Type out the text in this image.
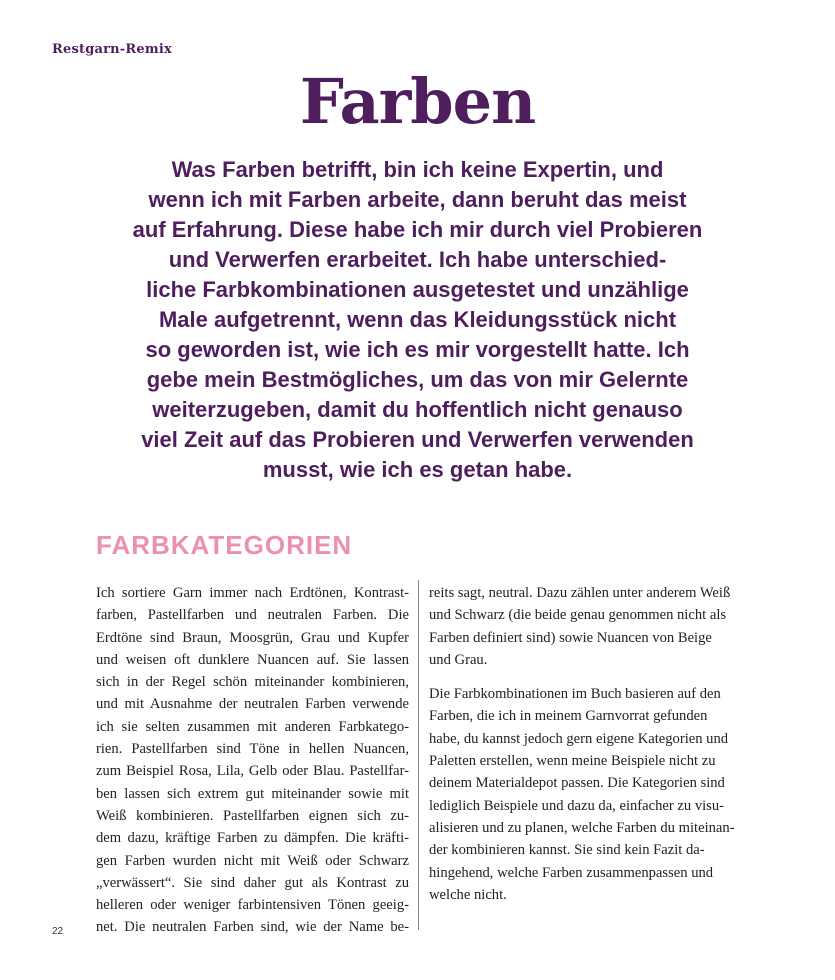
Restgarn-Remix
Farben
Was Farben betrifft, bin ich keine Expertin, und
wenn ich mit Farben arbeite, dann beruht das meist
auf Erfahrung. Diese habe ich mir durch viel Probieren
und Verwerfen erarbeitet. Ich habe unterschied-
liche Farbkombinationen ausgetestet und unzählige
Male aufgetrennt, wenn das Kleidungsstück nicht
so geworden ist, wie ich es mir vorgestellt hatte. Ich
gebe mein Bestmögliches, um das von mir Gelernte
weiterzugeben, damit du hoffentlich nicht genauso
viel Zeit auf das Probieren und Verwerfen verwenden
musst, wie ich es getan habe.
FARBKATEGORIEN
Ich sortiere Garn immer nach Erdtönen, Kontrast-
farben, Pastellfarben und neutralen Farben. Die
Erdtöne sind Braun, Moosgrün, Grau und Kupfer
und weisen oft dunklere Nuancen auf. Sie lassen
sich in der Regel schön miteinander kombinieren,
und mit Ausnahme der neutralen Farben verwende
ich sie selten zusammen mit anderen Farbkatego-
rien. Pastellfarben sind Töne in hellen Nuancen,
zum Beispiel Rosa, Lila, Gelb oder Blau. Pastellfar-
ben lassen sich extrem gut miteinander sowie mit
Weiß kombinieren. Pastellfarben eignen sich zu-
dem dazu, kräftige Farben zu dämpfen. Die kräfti-
gen Farben wurden nicht mit Weiß oder Schwarz
„verwässert“. Sie sind daher gut als Kontrast zu
helleren oder weniger farbintensiven Tönen geeig-
net. Die neutralen Farben sind, wie der Name be-

reits sagt, neutral. Dazu zählen unter anderem Weiß
und Schwarz (die beide genau genommen nicht als
Farben definiert sind) sowie Nuancen von Beige
und Grau.

Die Farbkombinationen im Buch basieren auf den
Farben, die ich in meinem Garnvorrat gefunden
habe, du kannst jedoch gern eigene Kategorien und
Paletten erstellen, wenn meine Beispiele nicht zu
deinem Materialdepot passen. Die Kategorien sind
lediglich Beispiele und dazu da, einfacher zu visu-
alisieren und zu planen, welche Farben du miteinan-
der kombinieren kannst. Sie sind kein Fazit da-
hingehend, welche Farben zusammenpassen und
welche nicht.

22
